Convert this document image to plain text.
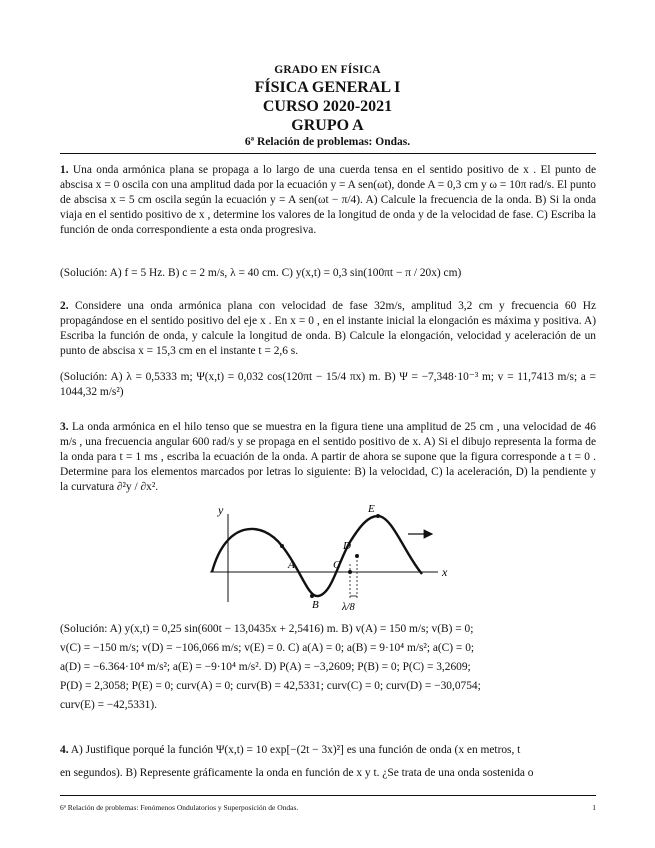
GRADO EN FÍSICA
FÍSICA GENERAL I
CURSO 2020-2021
GRUPO A
6ª Relación de problemas: Ondas.
1. Una onda armónica plana se propaga a lo largo de una cuerda tensa en el sentido positivo de x . El punto de abscisa x = 0 oscila con una amplitud dada por la ecuación y = A sen(ωt), donde A = 0,3 cm y ω = 10π rad/s. El punto de abscisa x = 5 cm oscila según la ecuación y = A sen(ωt − π/4). A) Calcule la frecuencia de la onda. B) Si la onda viaja en el sentido positivo de x , determine los valores de la longitud de onda y de la velocidad de fase. C) Escriba la función de onda correspondiente a esta onda progresiva.
(Solución: A) f = 5 Hz. B) c = 2 m/s, λ = 40 cm. C) y(x,t) = 0,3 sin(100πt − π / 20x) cm)
2. Considere una onda armónica plana con velocidad de fase 32m/s, amplitud 3,2 cm y frecuencia 60 Hz propagándose en el sentido positivo del eje x . En x = 0 , en el instante inicial la elongación es máxima y positiva. A) Escriba la función de onda, y calcule la longitud de onda. B) Calcule la elongación, velocidad y aceleración de un punto de abscisa x = 15,3 cm en el instante t = 2,6 s.
(Solución: A) λ = 0,5333 m; Ψ(x,t) = 0,032 cos(120πt − 15/4 πx) m. B) Ψ = −7,348·10⁻³ m; v = 11,7413 m/s; a = 1044,32 m/s²)
3. La onda armónica en el hilo tenso que se muestra en la figura tiene una amplitud de 25 cm , una velocidad de 46 m/s , una frecuencia angular 600 rad/s y se propaga en el sentido positivo de x. A) Si el dibujo representa la forma de la onda para t = 1 ms , escriba la ecuación de la onda. A partir de ahora se supone que la figura corresponde a t = 0 . Determine para los elementos marcados por letras lo siguiente: B) la velocidad, C) la aceleración, D) la pendiente y la curvatura ∂²y / ∂x².
y
x
A
B
C
D
E
λ/8
(Solución: A) y(x,t) = 0,25 sin(600t − 13,0435x + 2,5416) m. B) v(A) = 150 m/s; v(B) = 0;
v(C) = −150 m/s; v(D) = −106,066 m/s; v(E) = 0. C) a(A) = 0; a(B) = 9·10⁴ m/s²; a(C) = 0;
a(D) = −6.364·10⁴ m/s²; a(E) = −9·10⁴ m/s². D) P(A) = −3,2609; P(B) = 0; P(C) = 3,2609;
P(D) = 2,3058; P(E) = 0; curv(A) = 0; curv(B) = 42,5331; curv(C) = 0; curv(D) = −30,0754;
curv(E) = −42,5331).
4. A) Justifique porqué la función Ψ(x,t) = 10 exp[−(2t − 3x)²] es una función de onda (x en metros, t
en segundos). B) Represente gráficamente la onda en función de x y t. ¿Se trata de una onda sostenida o
6ª Relación de problemas: Fenómenos Ondulatorios y Superposición de Ondas.	1
